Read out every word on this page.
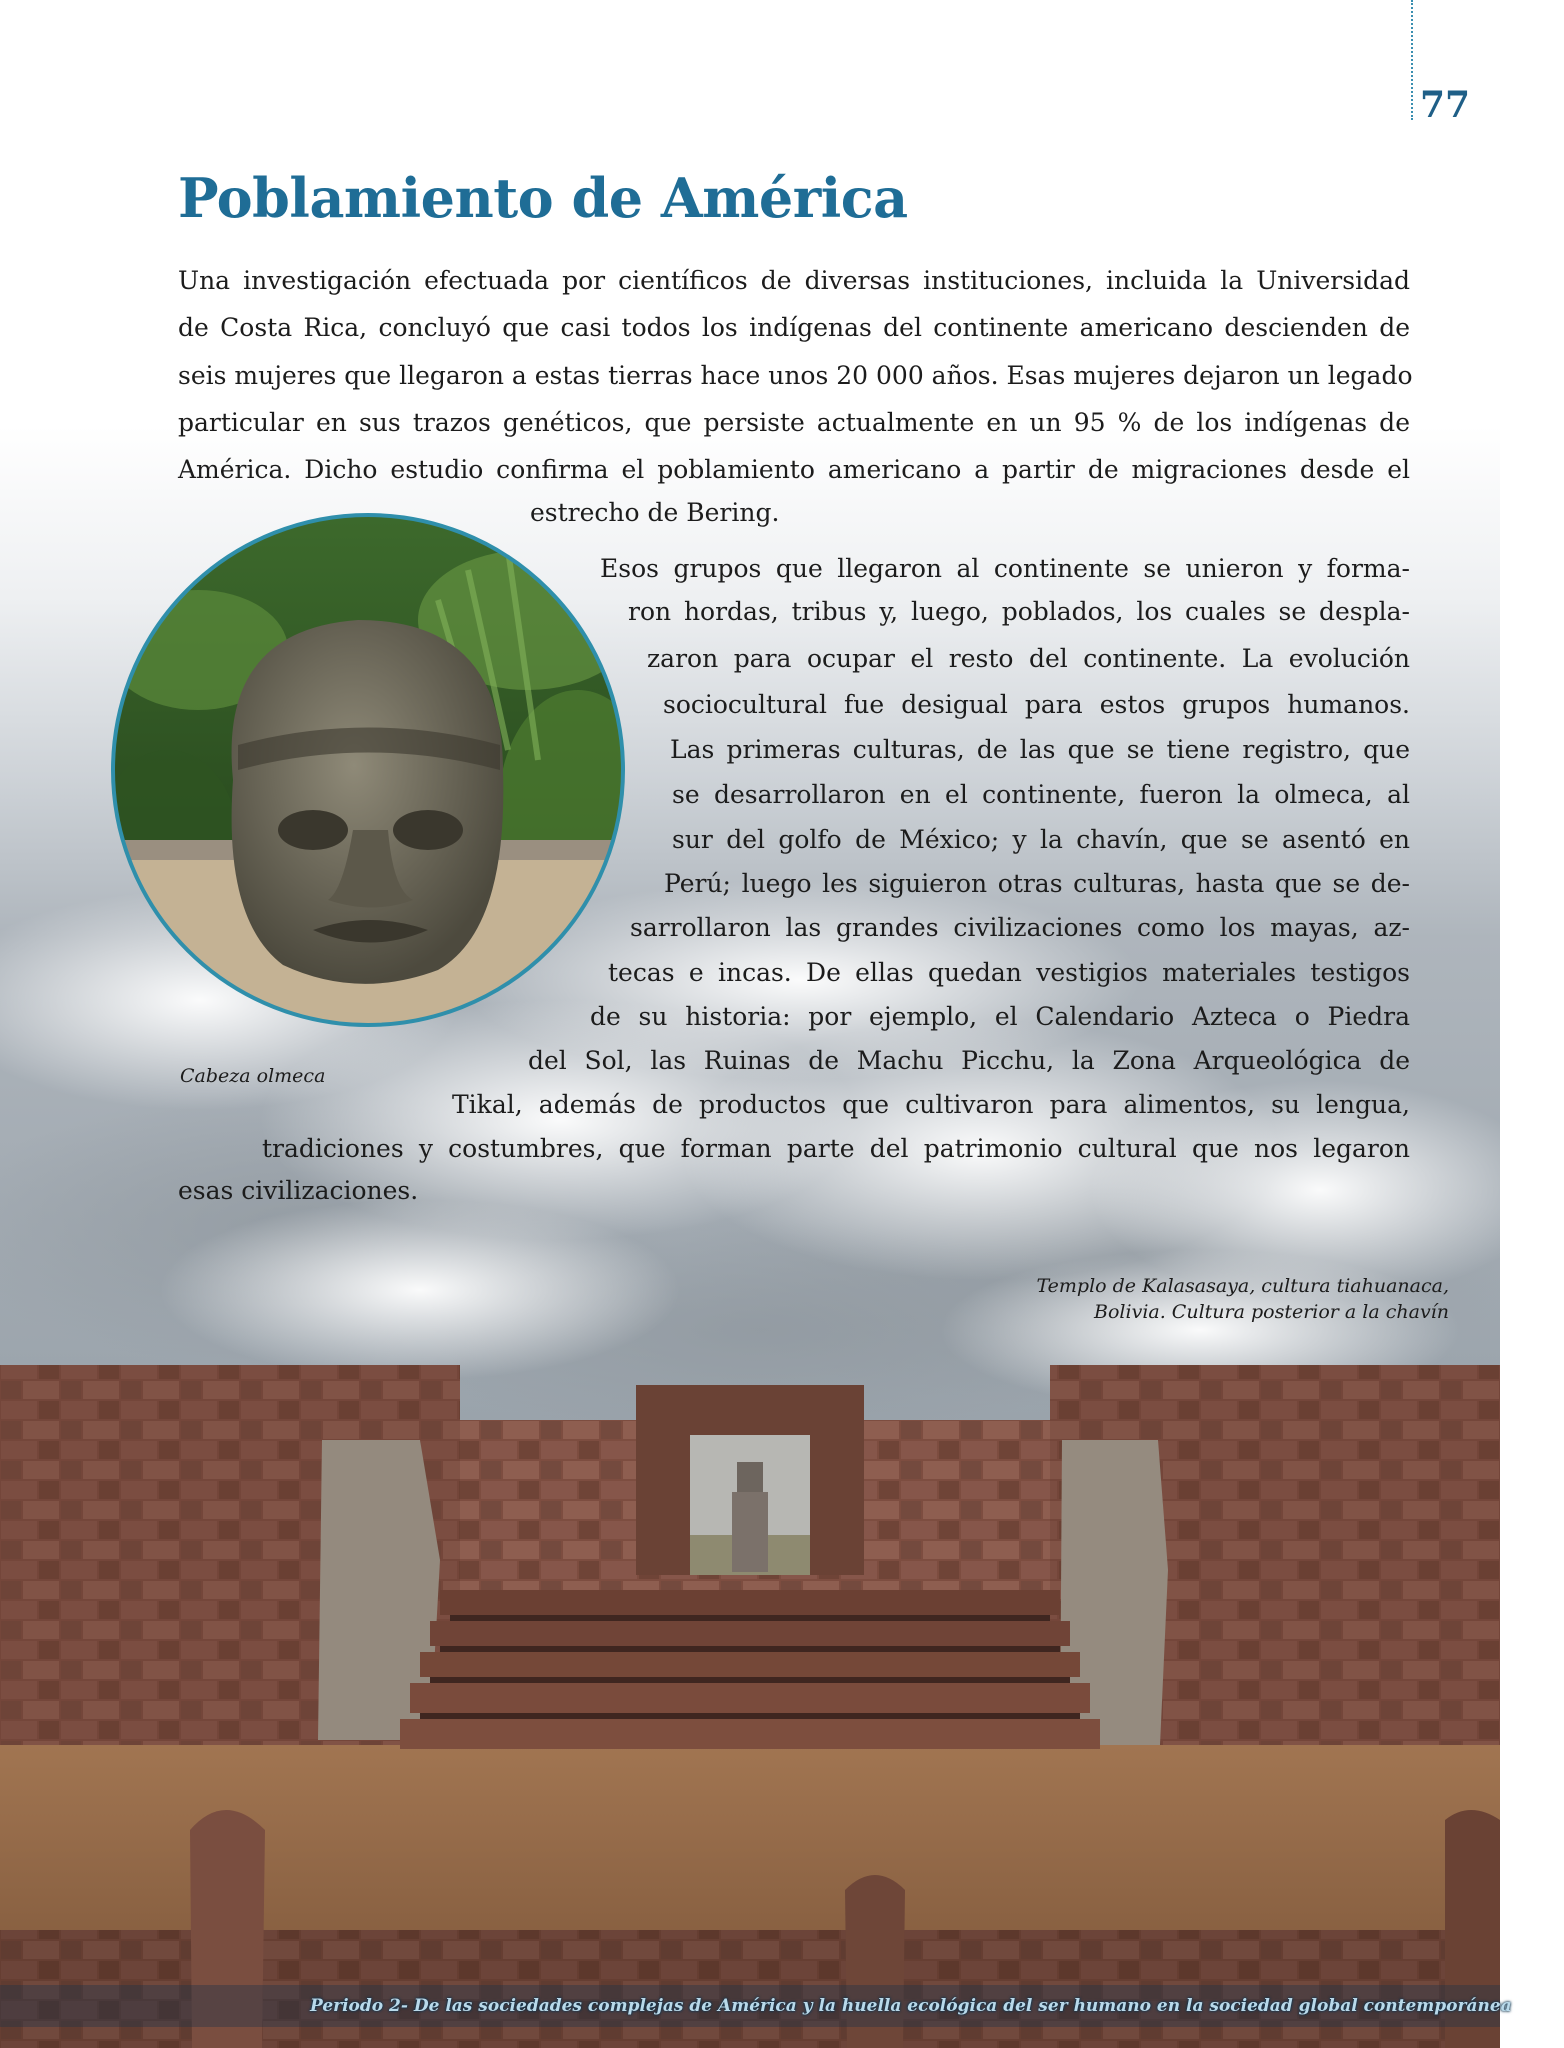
77
Poblamiento de América
Cabeza olmeca
Una investigación efectuada por científicos de diversas instituciones, incluida la Universidad
de Costa Rica, concluyó que casi todos los indígenas del continente americano descienden de
seis mujeres que llegaron a estas tierras hace unos 20 000 años. Esas mujeres dejaron un legado
particular en sus trazos genéticos, que persiste actualmente en un 95 % de los indígenas de
América. Dicho estudio confirma el poblamiento americano a partir de migraciones desde el
estrecho de Bering.
Esos grupos que llegaron al continente se unieron y forma-
ron hordas, tribus y, luego, poblados, los cuales se despla-
zaron para ocupar el resto del continente. La evolución
sociocultural fue desigual para estos grupos humanos.
Las primeras culturas, de las que se tiene registro, que
se desarrollaron en el continente, fueron la olmeca, al
sur del golfo de México; y la chavín, que se asentó en
Perú; luego les siguieron otras culturas, hasta que se de-
sarrollaron las grandes civilizaciones como los mayas, az-
tecas e incas. De ellas quedan vestigios materiales testigos
de su historia: por ejemplo, el Calendario Azteca o Piedra
del Sol, las Ruinas de Machu Picchu, la Zona Arqueológica de
Tikal, además de productos que cultivaron para alimentos, su lengua,
tradiciones y costumbres, que forman parte del patrimonio cultural que nos legaron
esas civilizaciones.
Templo de Kalasasaya, cultura tiahuanaca,
Bolivia. Cultura posterior a la chavín
Periodo 2- De las sociedades complejas de América y la huella ecológica del ser humano en la sociedad global contemporánea
